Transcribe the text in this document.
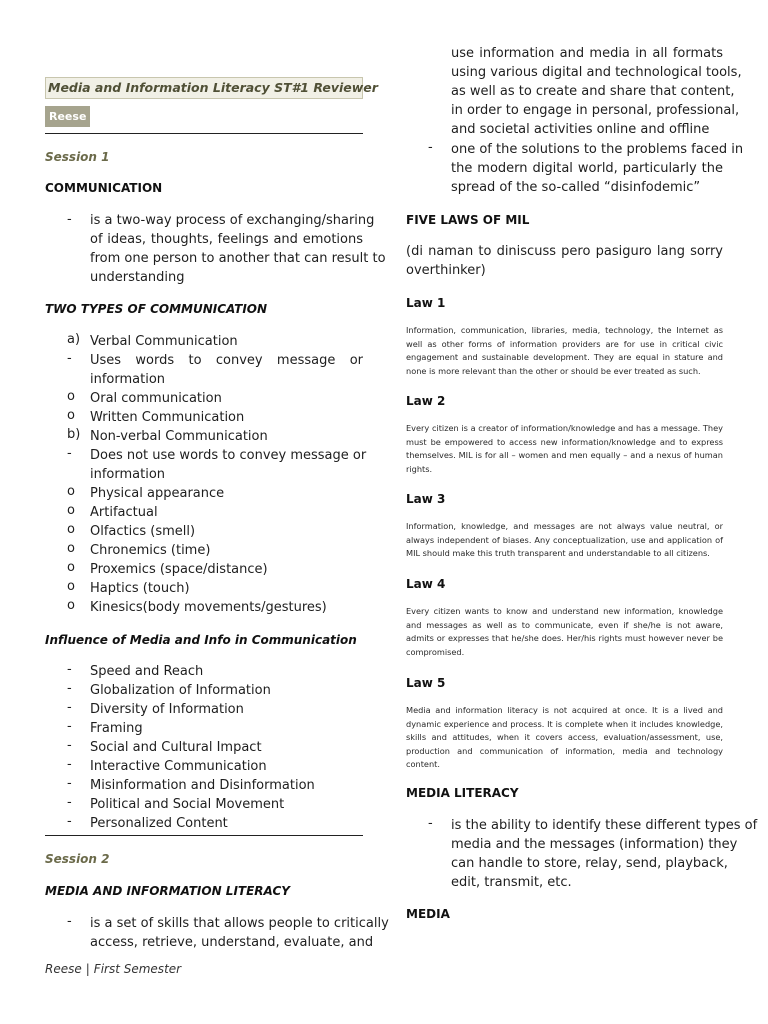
Media and Information Literacy ST#1 Reviewer
Reese
Session 1
COMMUNICATION
- is a two-way process of exchanging/sharing
of ideas, thoughts, feelings and emotions
from one person to another that can result to
understanding
TWO TYPES OF COMMUNICATION
a) Verbal Communication
- Uses words to convey message or
information
o Oral communication
o Written Communication
b) Non-verbal Communication
- Does not use words to convey message or
information
o Physical appearance
o Artifactual
o Olfactics (smell)
o Chronemics (time)
o Proxemics (space/distance)
o Haptics (touch)
o Kinesics(body movements/gestures)
Influence of Media and Info in Communication
- Speed and Reach
- Globalization of Information
- Diversity of Information
- Framing
- Social and Cultural Impact
- Interactive Communication
- Misinformation and Disinformation
- Political and Social Movement
- Personalized Content
Session 2
MEDIA AND INFORMATION LITERACY
- is a set of skills that allows people to critically
access, retrieve, understand, evaluate, and
use information and media in all formats
using various digital and technological tools,
as well as to create and share that content,
in order to engage in personal, professional,
and societal activities online and offline
- one of the solutions to the problems faced in
the modern digital world, particularly the
spread of the so-called “disinfodemic”
FIVE LAWS OF MIL
(di naman to diniscuss pero pasiguro lang sorry overthinker)
Law 1
Information, communication, libraries, media, technology, the Internet as well as other forms of information providers are for use in critical civic engagement and sustainable development. They are equal in stature and none is more relevant than the other or should be ever treated as such.
Law 2
Every citizen is a creator of information/knowledge and has a message. They must be empowered to access new information/knowledge and to express themselves. MIL is for all – women and men equally – and a nexus of human rights.
Law 3
Information, knowledge, and messages are not always value neutral, or always independent of biases. Any conceptualization, use and application of MIL should make this truth transparent and understandable to all citizens.
Law 4
Every citizen wants to know and understand new information, knowledge and messages as well as to communicate, even if she/he is not aware, admits or expresses that he/she does. Her/his rights must however never be compromised.
Law 5
Media and information literacy is not acquired at once. It is a lived and dynamic experience and process. It is complete when it includes knowledge, skills and attitudes, when it covers access, evaluation/assessment, use, production and communication of information, media and technology content.
MEDIA LITERACY
- is the ability to identify these different types of
media and the messages (information) they
can handle to store, relay, send, playback,
edit, transmit, etc.
MEDIA
Reese | First Semester
